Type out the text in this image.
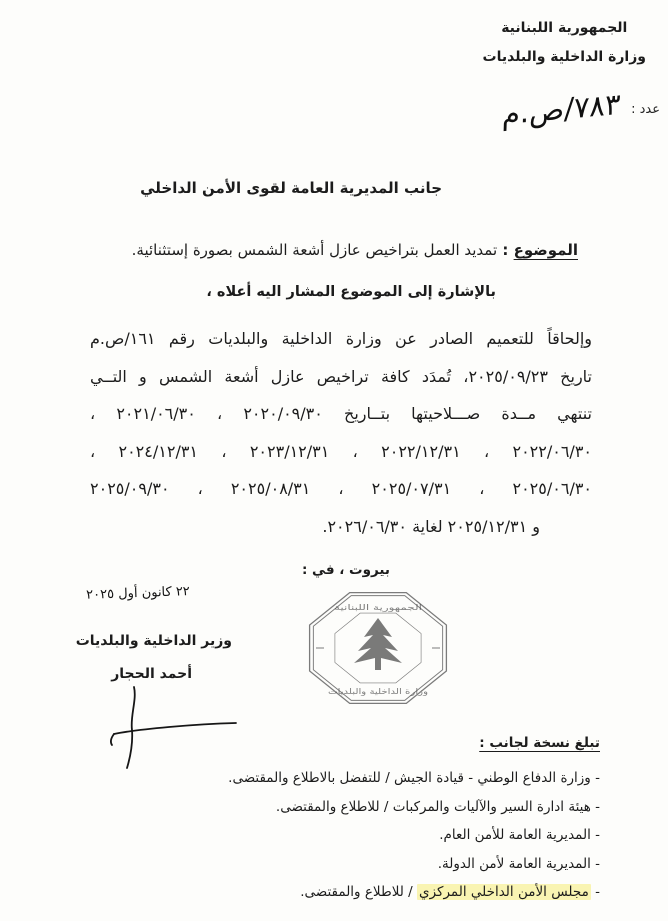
الجمهورية اللبنانية
وزارة الداخلية والبلديات
عدد :
٧٨٣/ص.م
جانب المديرية العامة لقوى الأمن الداخلي
الموضوع : تمديد العمل بتراخيص عازل أشعة الشمس بصورة إستثنائية.
بالإشارة إلى الموضوع المشار اليه أعلاه ،
وإلحاقاً للتعميم الصادر عن وزارة الداخلية والبلديات رقم ١٦١/ص.م
تاريخ ٢٠٢٥/٠٩/٢٣، تُمدَد كافة تراخيص عازل أشعة الشمس و التــي
تنتهي مــدة صـــلاحيتها بتــاريخ ٢٠٢٠/٠٩/٣٠ ، ٢٠٢١/٠٦/٣٠ ،
٢٠٢٢/٠٦/٣٠ ، ٢٠٢٢/١٢/٣١ ، ٢٠٢٣/١٢/٣١ ، ٢٠٢٤/١٢/٣١ ،
٢٠٢٥/٠٦/٣٠ ، ٢٠٢٥/٠٧/٣١ ، ٢٠٢٥/٠٨/٣١ ، ٢٠٢٥/٠٩/٣٠
و ٢٠٢٥/١٢/٣١ لغاية ٢٠٢٦/٠٦/٣٠.
بيروت ، في :
٢٢ كانون أول ٢٠٢٥
الجمهورية اللبنانية
وزارة الداخلية والبلديات
وزير الداخلية والبلديات
أحمد الحجار
تبلغ نسخة لجانب :
- وزارة الدفاع الوطني - قيادة الجيش / للتفضل بالاطلاع والمقتضى.
- هيئة ادارة السير والآليات والمركبات / للاطلاع والمقتضى.
- المديرية العامة للأمن العام.
- المديرية العامة لأمن الدولة.
- مجلس الأمن الداخلي المركزي / للاطلاع والمقتضى.
